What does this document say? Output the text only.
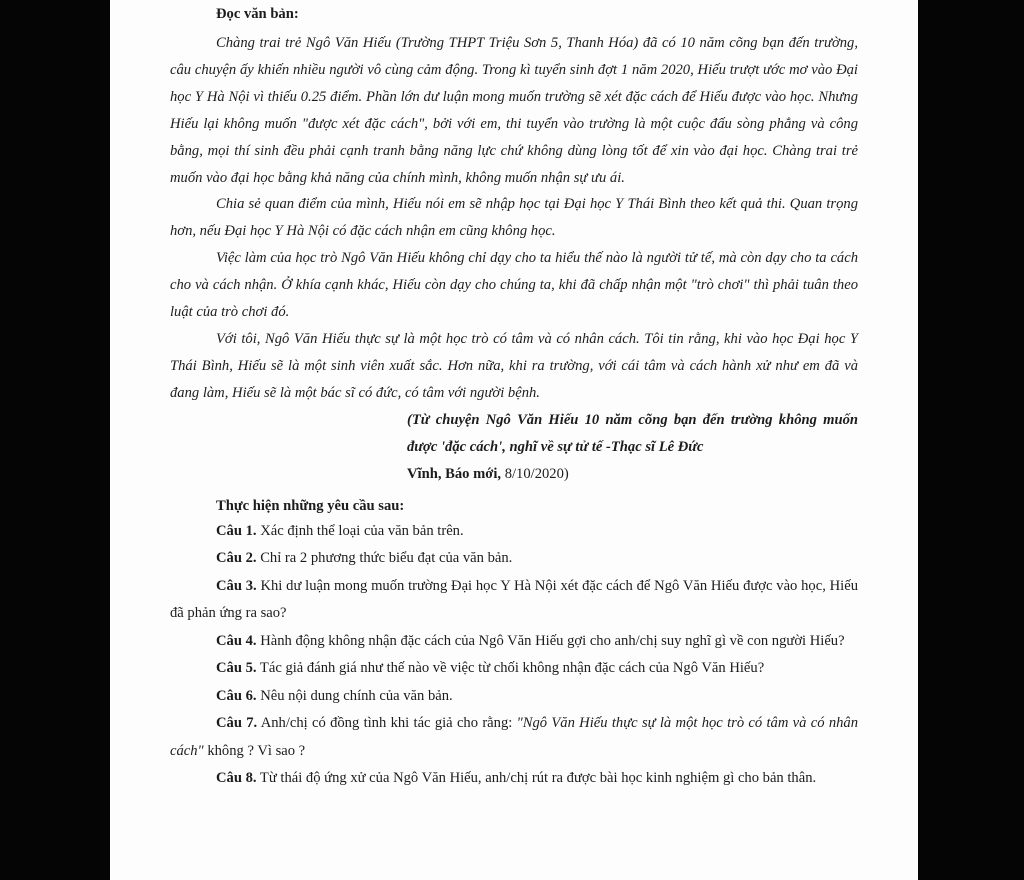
Đọc văn bản:

Chàng trai trẻ Ngô Văn Hiếu (Trường THPT Triệu Sơn 5, Thanh Hóa) đã có 10 năm cõng bạn đến trường, câu chuyện ấy khiến nhiều người vô cùng cảm động. Trong kì tuyển sinh đợt 1 năm 2020, Hiếu trượt ước mơ vào Đại học Y Hà Nội vì thiếu 0.25 điểm. Phần lớn dư luận mong muốn trường sẽ xét đặc cách để Hiếu được vào học. Nhưng Hiếu lại không muốn "được xét đặc cách", bởi với em, thi tuyển vào trường là một cuộc đấu sòng phẳng và công bằng, mọi thí sinh đều phải cạnh tranh bằng năng lực chứ không dùng lòng tốt để xin vào đại học. Chàng trai trẻ muốn vào đại học bằng khả năng của chính mình, không muốn nhận sự ưu ái.

Chia sẻ quan điểm của mình, Hiếu nói em sẽ nhập học tại Đại học Y Thái Bình theo kết quả thi. Quan trọng hơn, nếu Đại học Y Hà Nội có đặc cách nhận em cũng không học.

Việc làm của học trò Ngô Văn Hiếu không chỉ dạy cho ta hiểu thế nào là người tử tế, mà còn dạy cho ta cách cho và cách nhận. Ở khía cạnh khác, Hiếu còn dạy cho chúng ta, khi đã chấp nhận một "trò chơi" thì phải tuân theo luật của trò chơi đó.

Với tôi, Ngô Văn Hiếu thực sự là một học trò có tâm và có nhân cách. Tôi tin rằng, khi vào học Đại học Y Thái Bình, Hiếu sẽ là một sinh viên xuất sắc. Hơn nữa, khi ra trường, với cái tâm và cách hành xử như em đã và đang làm, Hiếu sẽ là một bác sĩ có đức, có tâm với người bệnh.

(Từ chuyện Ngô Văn Hiếu 10 năm cõng bạn đến trường không muốn được 'đặc cách', nghĩ về sự tử tế -Thạc sĩ Lê Đức
Vĩnh, Báo mới, 8/10/2020)

Thực hiện những yêu cầu sau:

Câu 1. Xác định thể loại của văn bản trên.

Câu 2. Chỉ ra 2 phương thức biểu đạt của văn bản.

Câu 3. Khi dư luận mong muốn trường Đại học Y Hà Nội xét đặc cách để Ngô Văn Hiếu được vào học, Hiếu đã phản ứng ra sao?

Câu 4. Hành động không nhận đặc cách của Ngô Văn Hiếu gợi cho anh/chị suy nghĩ gì về con người Hiếu?

Câu 5. Tác giả đánh giá như thế nào về việc từ chối không nhận đặc cách của Ngô Văn Hiếu?

Câu 6. Nêu nội dung chính của văn bản.

Câu 7. Anh/chị có đồng tình khi tác giả cho rằng: "Ngô Văn Hiếu thực sự là một học trò có tâm và có nhân cách" không ? Vì sao ?

Câu 8. Từ thái độ ứng xử của Ngô Văn Hiếu, anh/chị rút ra được bài học kinh nghiệm gì cho bản thân.
